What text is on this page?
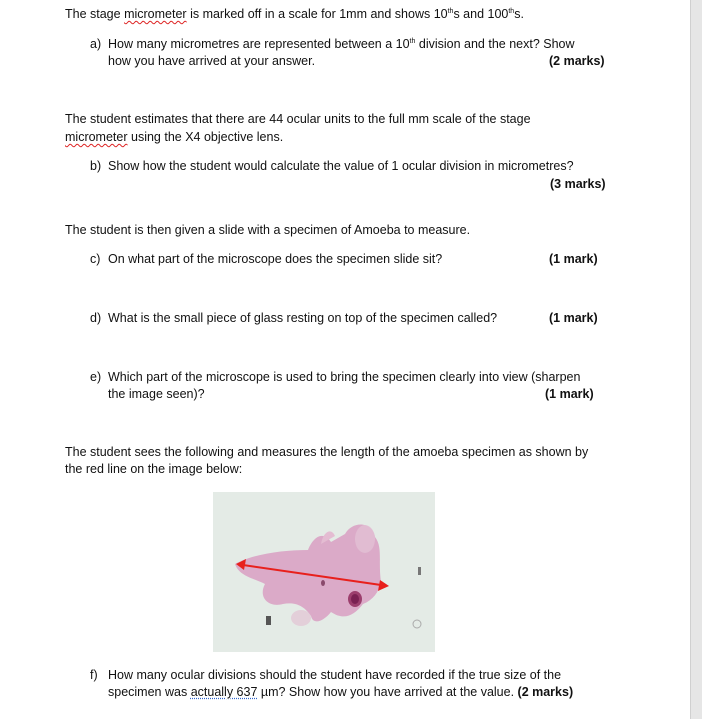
The stage micrometer is marked off in a scale for 1mm and shows 10ths and 100ths.
a) How many micrometres are represented between a 10th division and the next? Show
how you have arrived at your answer.	(2 marks)
The student estimates that there are 44 ocular units to the full mm scale of the stage
micrometer using the X4 objective lens.
b) Show how the student would calculate the value of 1 ocular division in micrometres?
(3 marks)
The student is then given a slide with a specimen of Amoeba to measure.
c) On what part of the microscope does the specimen slide sit?	(1 mark)
d) What is the small piece of glass resting on top of the specimen called?	(1 mark)
e) Which part of the microscope is used to bring the specimen clearly into view (sharpen
the image seen)?	(1 mark)
The student sees the following and measures the length of the amoeba specimen as shown by
the red line on the image below:
f) How many ocular divisions should the student have recorded if the true size of the
specimen was actually 637 µm? Show how you have arrived at the value. (2 marks)
